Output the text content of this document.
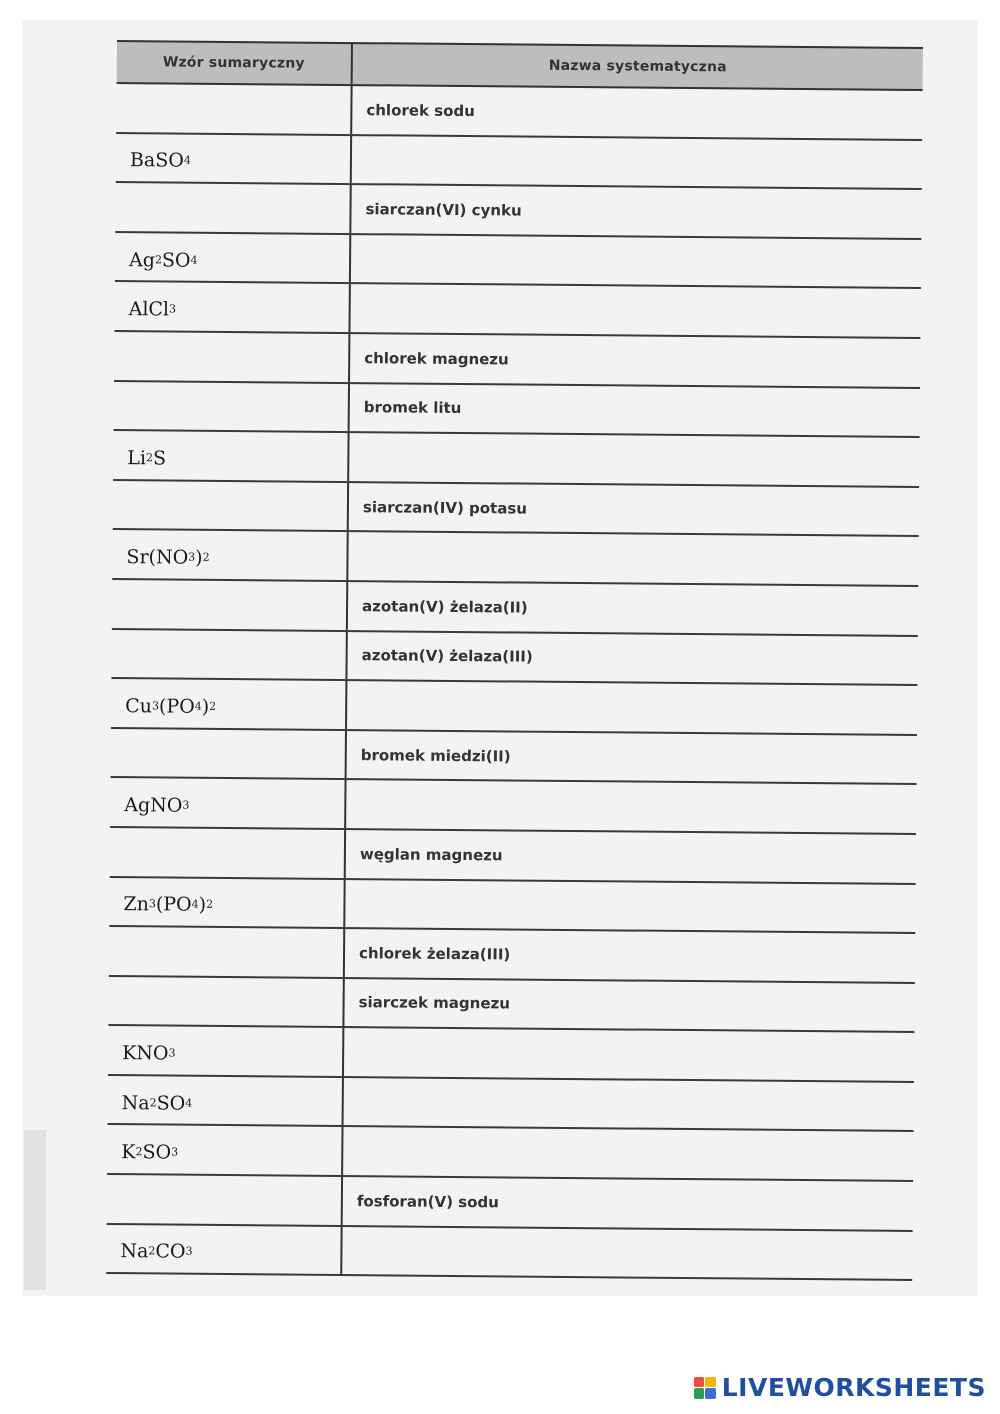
Wzór sumaryczny	Nazwa systematyczna
chlorek sodu
BaSO 4
siarczan(VI) cynku
Ag 2 SO 4
AlCl 3
chlorek magnezu
bromek litu
Li 2 S
siarczan(IV) potasu
Sr(NO 3 ) 2
azotan(V) żelaza(II)
azotan(V) żelaza(III)
Cu 3 (PO 4 ) 2
bromek miedzi(II)
AgNO 3
węglan magnezu
Zn 3 (PO 4 ) 2
chlorek żelaza(III)
siarczek magnezu
KNO 3
Na 2 SO 4
K 2 SO 3
fosforan(V) sodu
Na 2 CO 3
LIVEWORKSHEETS
